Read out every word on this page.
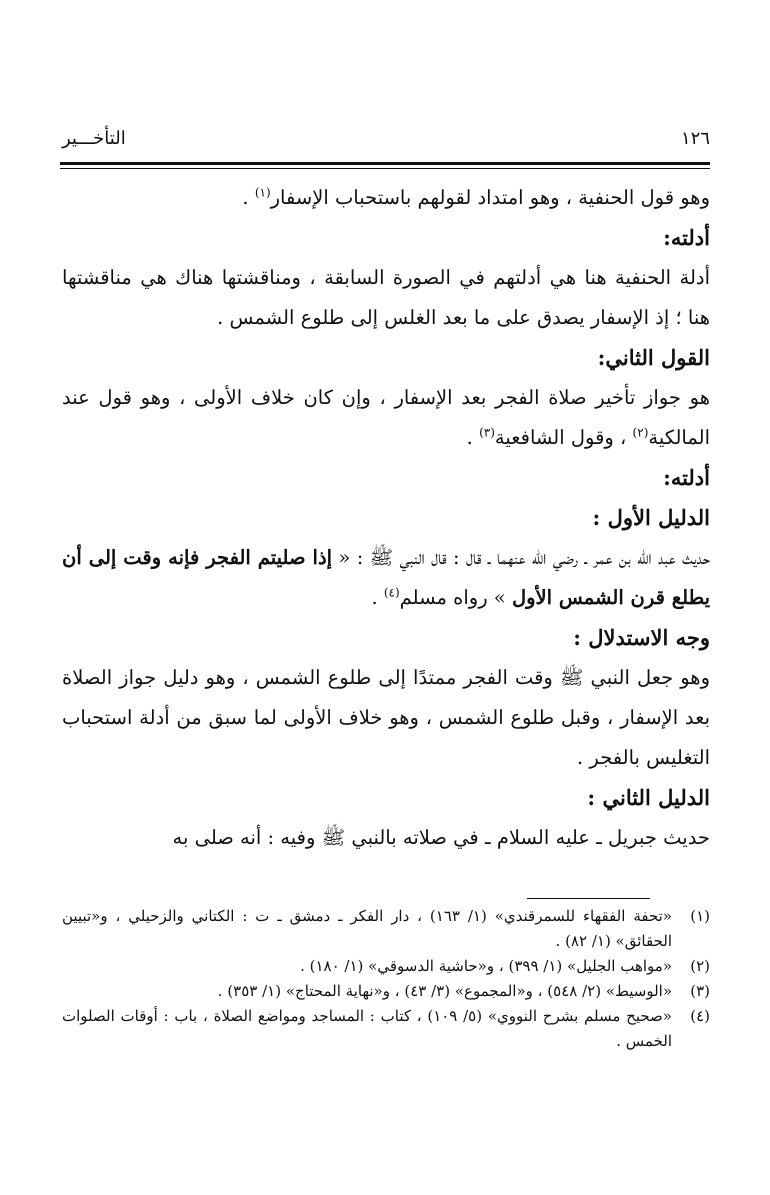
١٢٦
التأخـــير

وهو قول الحنفية ، وهو امتداد لقولهم باستحباب الإسفار$^{(١)}$ .

أدلته:

أدلة الحنفية هنا هي أدلتهم في الصورة السابقة ، ومناقشتها هناك هي مناقشتها هنا ؛ إذ الإسفار يصدق على ما بعد الغلس إلى طلوع الشمس .

القول الثاني:

هو جواز تأخير صلاة الفجر بعد الإسفار ، وإن كان خلاف الأولى ، وهو قول عند المالكية$^{(٢)}$ ، وقول الشافعية$^{(٣)}$ .

أدلته:

الدليل الأول :

حديث عبد الله بن عمر ـ رضي الله عنهما ـ قال : قال النبي ﷺ : « إذا صليتم الفجر فإنه وقت إلى أن يطلع قرن الشمس الأول » رواه مسلم$^{(٤)}$ .

وجه الاستدلال :

وهو جعل النبي ﷺ وقت الفجر ممتدًا إلى طلوع الشمس ، وهو دليل جواز الصلاة بعد الإسفار ، وقبل طلوع الشمس ، وهو خلاف الأولى لما سبق من أدلة استحباب التغليس بالفجر .

الدليل الثاني :

حديث جبريل ـ عليه السلام ـ في صلاته بالنبي ﷺ وفيه : أنه صلى به

(١)
«تحفة الفقهاء للسمرقندي» (١/ ١٦٣) ، دار الفكر ـ دمشق ـ ت : الكتاني والزحيلي ، و«تبيين الحقائق» (١/ ٨٢) .

(٢)
«مواهب الجليل» (١/ ٣٩٩) ، و«حاشية الدسوقي» (١/ ١٨٠) .

(٣)
«الوسيط» (٢/ ٥٤٨) ، و«المجموع» (٣/ ٤٣) ، و«نهاية المحتاج» (١/ ٣٥٣) .

(٤)
«صحيح مسلم بشرح النووي» (٥/ ١٠٩) ، كتاب : المساجد ومواضع الصلاة ، باب : أوقات الصلوات الخمس .
